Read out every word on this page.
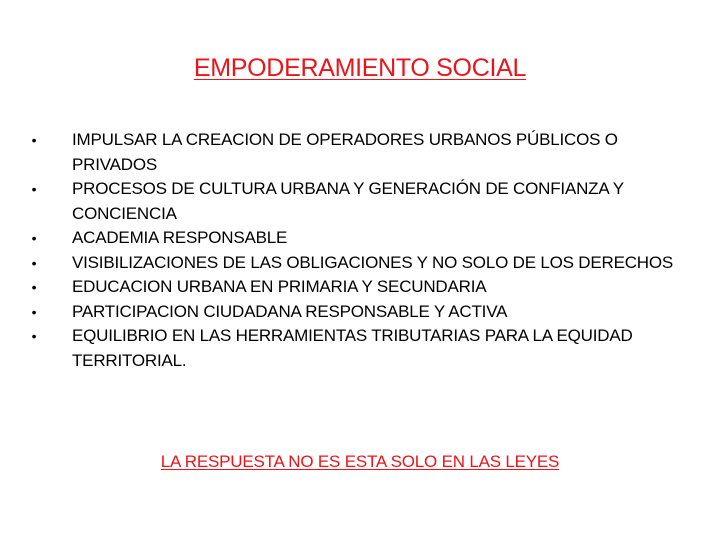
EMPODERAMIENTO SOCIAL
• IMPULSAR LA CREACION DE OPERADORES URBANOS PÚBLICOS O PRIVADOS
• PROCESOS DE CULTURA URBANA Y GENERACIÓN DE CONFIANZA Y CONCIENCIA
• ACADEMIA RESPONSABLE
• VISIBILIZACIONES DE LAS OBLIGACIONES Y NO SOLO DE LOS DERECHOS
• EDUCACION URBANA EN PRIMARIA Y SECUNDARIA
• PARTICIPACION CIUDADANA RESPONSABLE Y ACTIVA
• EQUILIBRIO EN LAS HERRAMIENTAS TRIBUTARIAS PARA LA EQUIDAD TERRITORIAL.
LA RESPUESTA NO ES ESTA SOLO EN LAS LEYES
